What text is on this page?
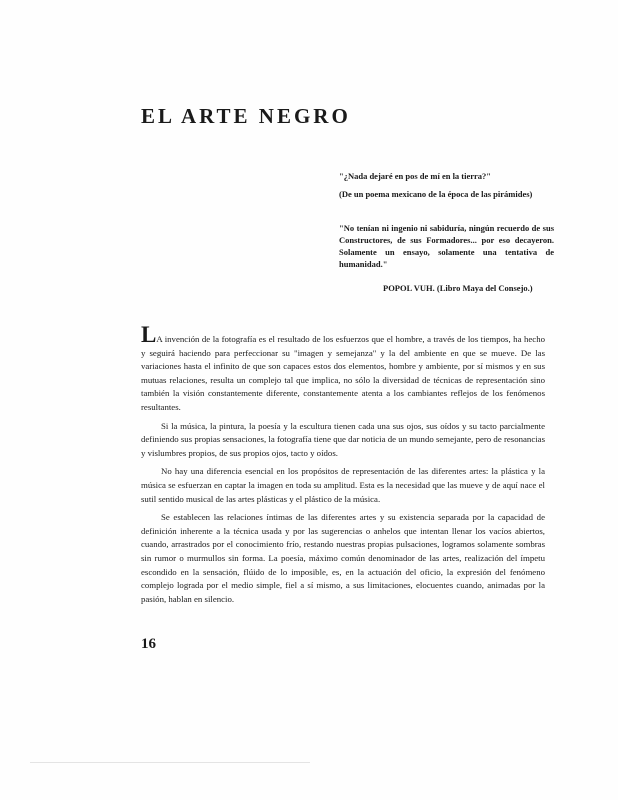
EL ARTE NEGRO

"¿Nada dejaré en pos de mí en la tierra?"

(De un poema mexicano de la época de las pirámides)

"No tenían ni ingenio ni sabiduría, ningún recuerdo de sus Constructores, de sus Formadores... por eso decayeron. Solamente un ensayo, solamente una tentativa de humanidad."

POPOL VUH. (Libro Maya del Consejo.)

LA invención de la fotografía es el resultado de los esfuerzos que el hombre, a través de los tiempos, ha hecho y seguirá haciendo para perfeccionar su "imagen y semejanza" y la del ambiente en que se mueve. De las variaciones hasta el infinito de que son capaces estos dos elementos, hombre y ambiente, por sí mismos y en sus mutuas relaciones, resulta un complejo tal que implica, no sólo la diversidad de técnicas de representación sino también la visión constantemente diferente, constantemente atenta a los cambiantes reflejos de los fenómenos resultantes.

Si la música, la pintura, la poesía y la escultura tienen cada una sus ojos, sus oídos y su tacto parcialmente definiendo sus propias sensaciones, la fotografía tiene que dar noticia de un mundo semejante, pero de resonancias y vislumbres propios, de sus propios ojos, tacto y oídos.

No hay una diferencia esencial en los propósitos de representación de las diferentes artes: la plástica y la música se esfuerzan en captar la imagen en toda su amplitud. Esta es la necesidad que las mueve y de aquí nace el sutil sentido musical de las artes plásticas y el plástico de la música.

Se establecen las relaciones íntimas de las diferentes artes y su existencia separada por la capacidad de definición inherente a la técnica usada y por las sugerencias o anhelos que intentan llenar los vacíos abiertos, cuando, arrastrados por el conocimiento frío, restando nuestras propias pulsaciones, logramos solamente sombras sin rumor o murmullos sin forma. La poesía, máximo común denominador de las artes, realización del ímpetu escondido en la sensación, flúido de lo imposible, es, en la actuación del oficio, la expresión del fenómeno complejo lograda por el medio simple, fiel a sí mismo, a sus limitaciones, elocuentes cuando, animadas por la pasión, hablan en silencio.

16
